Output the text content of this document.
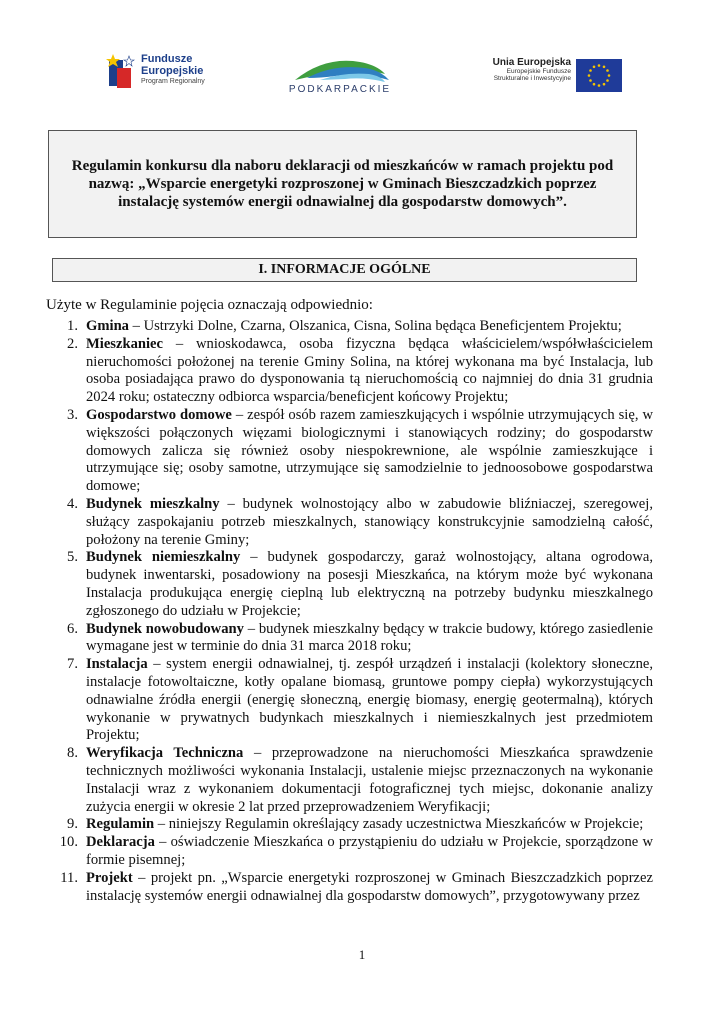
Fundusze
Europejskie
Program Regionalny
PODKARPACKIE
Unia Europejska
Europejskie Fundusze
Strukturalne i Inwestycyjne
Regulamin konkursu dla naboru deklaracji od mieszkańców w ramach projektu pod nazwą: „Wsparcie energetyki rozproszonej w Gminach Bieszczadzkich poprzez instalację systemów energii odnawialnej dla gospodarstw domowych”.
I. INFORMACJE OGÓLNE
Użyte w Regulaminie pojęcia oznaczają odpowiednio:
1. Gmina – Ustrzyki Dolne, Czarna, Olszanica, Cisna, Solina będąca Beneficjentem Projektu;
2. Mieszkaniec – wnioskodawca, osoba fizyczna będąca właścicielem/współwłaścicielem nieruchomości położonej na terenie Gminy Solina, na której wykonana ma być Instalacja, lub osoba posiadająca prawo do dysponowania tą nieruchomością co najmniej do dnia 31 grudnia 2024 roku; ostateczny odbiorca wsparcia/beneficjent końcowy Projektu;
3. Gospodarstwo domowe – zespół osób razem zamieszkujących i wspólnie utrzymujących się, w większości połączonych więzami biologicznymi i stanowiących rodziny; do gospodarstw domowych zalicza się również osoby niespokrewnione, ale wspólnie zamieszkujące i utrzymujące się; osoby samotne, utrzymujące się samodzielnie to jednoosobowe gospodarstwa domowe;
4. Budynek mieszkalny – budynek wolnostojący albo w zabudowie bliźniaczej, szeregowej, służący zaspokajaniu potrzeb mieszkalnych, stanowiący konstrukcyjnie samodzielną całość, położony na terenie Gminy;
5. Budynek niemieszkalny – budynek gospodarczy, garaż wolnostojący, altana ogrodowa, budynek inwentarski, posadowiony na posesji Mieszkańca, na którym może być wykonana Instalacja produkująca energię cieplną lub elektryczną na potrzeby budynku mieszkalnego zgłoszonego do udziału w Projekcie;
6. Budynek nowobudowany – budynek mieszkalny będący w trakcie budowy, którego zasiedlenie wymagane jest w terminie do dnia 31 marca 2018 roku;
7. Instalacja – system energii odnawialnej, tj. zespół urządzeń i instalacji (kolektory słoneczne, instalacje fotowoltaiczne, kotły opalane biomasą, gruntowe pompy ciepła) wykorzystujących odnawialne źródła energii (energię słoneczną, energię biomasy, energię geotermalną), których wykonanie w prywatnych budynkach mieszkalnych i niemieszkalnych jest przedmiotem Projektu;
8. Weryfikacja Techniczna – przeprowadzone na nieruchomości Mieszkańca sprawdzenie technicznych możliwości wykonania Instalacji, ustalenie miejsc przeznaczonych na wykonanie Instalacji wraz z wykonaniem dokumentacji fotograficznej tych miejsc, dokonanie analizy zużycia energii w okresie 2 lat przed przeprowadzeniem Weryfikacji;
9. Regulamin – niniejszy Regulamin określający zasady uczestnictwa Mieszkańców w Projekcie;
10. Deklaracja – oświadczenie Mieszkańca o przystąpieniu do udziału w Projekcie, sporządzone w formie pisemnej;
11. Projekt – projekt pn. „Wsparcie energetyki rozproszonej w Gminach Bieszczadzkich poprzez instalację systemów energii odnawialnej dla gospodarstw domowych”, przygotowywany przez
1
